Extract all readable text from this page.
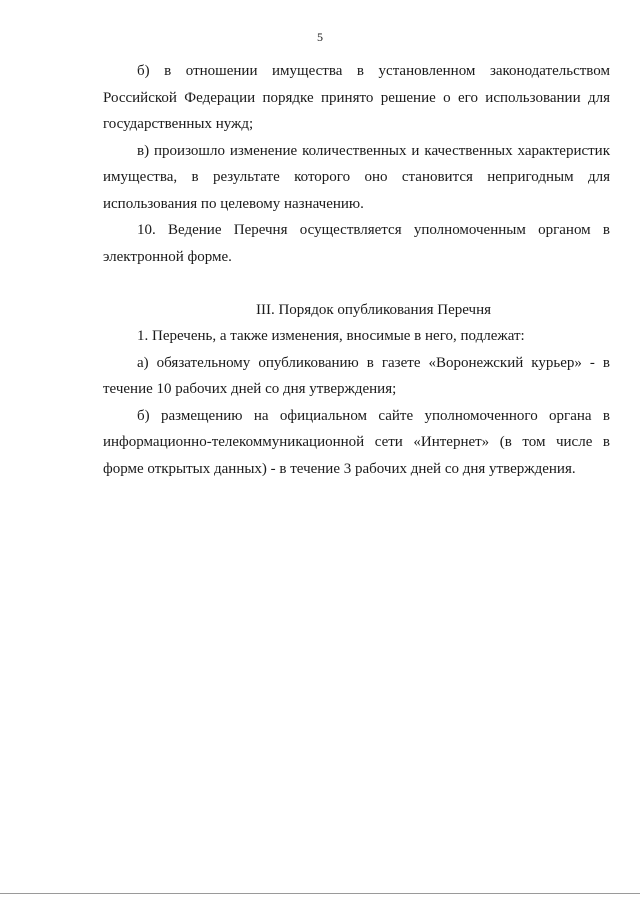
5

б) в отношении имущества в установленном законодательством Российской Федерации порядке принято решение о его использовании для государственных нужд;

в) произошло изменение количественных и качественных характеристик имущества, в результате которого оно становится непригодным для использования по целевому назначению.

10. Ведение Перечня осуществляется уполномоченным органом в электронной форме.

III. Порядок опубликования Перечня

1. Перечень, а также изменения, вносимые в него, подлежат:

а) обязательному опубликованию в газете «Воронежский курьер» - в течение 10 рабочих дней со дня утверждения;

б) размещению на официальном сайте уполномоченного органа в информационно-телекоммуникационной сети «Интернет» (в том числе в форме открытых данных) - в течение 3 рабочих дней со дня утверждения.
